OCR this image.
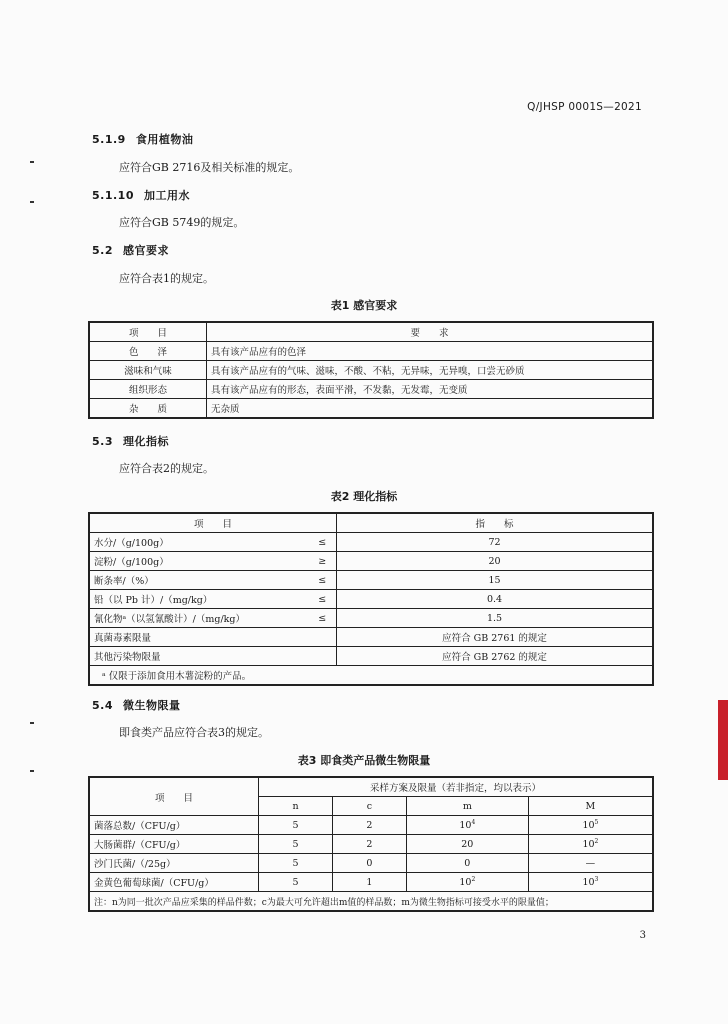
Q/JHSP 0001S—2021
5.1.9 食用植物油
应符合GB 2716及相关标准的规定。
5.1.10 加工用水
应符合GB 5749的规定。
5.2 感官要求
应符合表1的规定。
表1 感官要求
项　　目	要　　求
色　　泽	具有该产品应有的色泽
滋味和气味	具有该产品应有的气味、滋味，不酸、不粘，无异味，无异嗅，口尝无砂质
组织形态	具有该产品应有的形态，表面平滑，不发黏，无发霉，无变质
杂　　质	无杂质
5.3 理化指标
应符合表2的规定。
表2 理化指标
项　　目		指　　标
水分/（g/100g）	≤	72
淀粉/（g/100g）	≥	20
断条率/（%）	≤	15
铅（以 Pb 计）/（mg/kg）	≤	0.4
氰化物ᵃ（以氢氰酸计）/（mg/kg）	≤	1.5
真菌毒素限量		应符合 GB 2761 的规定
其他污染物限量		应符合 GB 2762 的规定
ᵃ 仅限于添加食用木薯淀粉的产品。		
5.4 微生物限量
即食类产品应符合表3的规定。
表3 即食类产品微生物限量
项　　目	采样方案及限量（若非指定，均以表示）			
	n	c	m	M
菌落总数/（CFU/g）	5	2	$10^4$	$10^5$
大肠菌群/（CFU/g）	5	2	20	$10^2$
沙门氏菌/（/25g）	5	0	0	—
金黄色葡萄球菌/（CFU/g）	5	1	$10^2$	$10^3$
注：n为同一批次产品应采集的样品件数；c为最大可允许超出m值的样品数；m为微生物指标可接受水平的限量值；				
3
